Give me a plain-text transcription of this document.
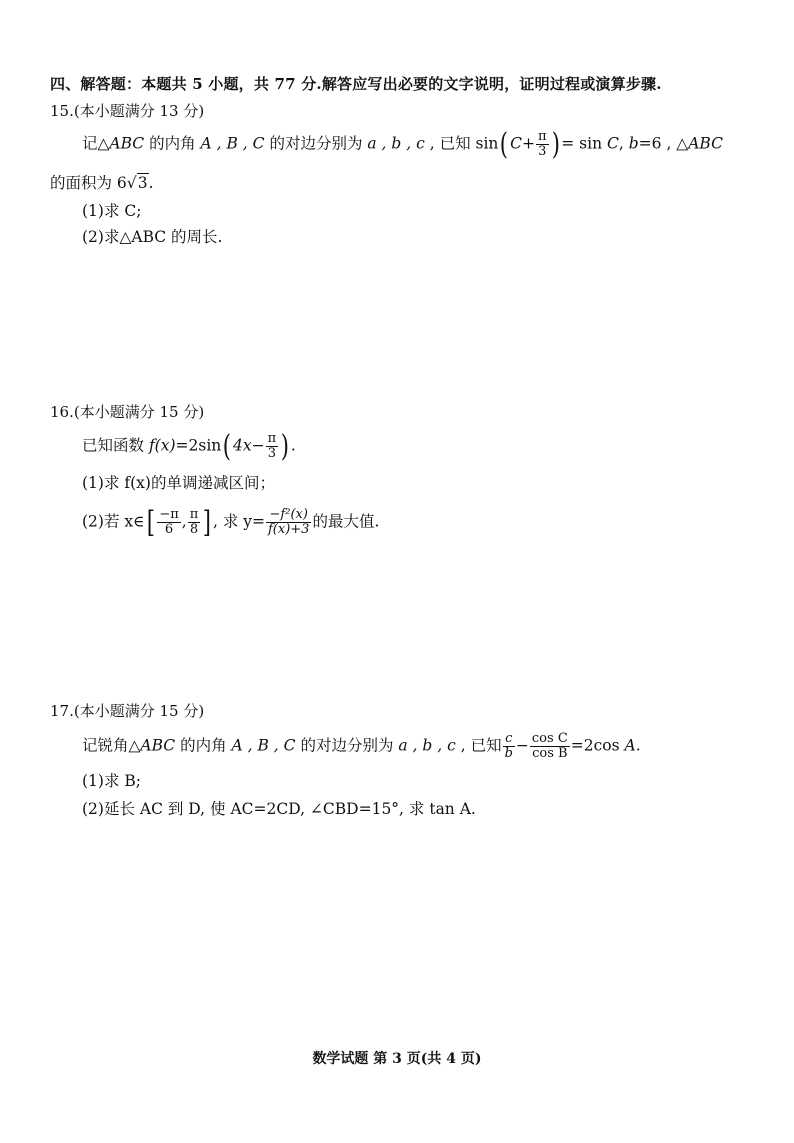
四、解答题：本题共 5 小题，共 77 分.解答应写出必要的文字说明，证明过程或演算步骤.
15.(本小题满分 13 分)
记△ABC 的内角 A , B , C 的对边分别为 a , b , c , 已知 sin( $C+ \frac{\pi}{3}$ ) = sin C, b=6 , △ABC
的面积为 6√3.
(1)求 C;
(2)求△ABC 的周长.
16.(本小题满分 15 分)
已知函数 f(x)=2sin( $4x- \frac{\pi}{3}$ ) .
(1)求 f(x)的单调递减区间；
(2)若 x∈[ $\frac{-\pi}{6}$ , $\frac{\pi}{8}$ ] , 求 $y= \frac{\text{−f²(x)}}{f(x)+3}$ 的最大值.
17.(本小题满分 15 分)
记锐角△ABC 的内角 A , B , C 的对边分别为 a , b , c , 已知 $\frac{c}{b} - \frac{\text{cos C}}{\text{cos B}} =2\cos$ A.
(1)求 B;
(2)延长 AC 到 D, 使 AC=2CD, ∠CBD=15°, 求 tan A.
数学试题 第 3 页(共 4 页)
